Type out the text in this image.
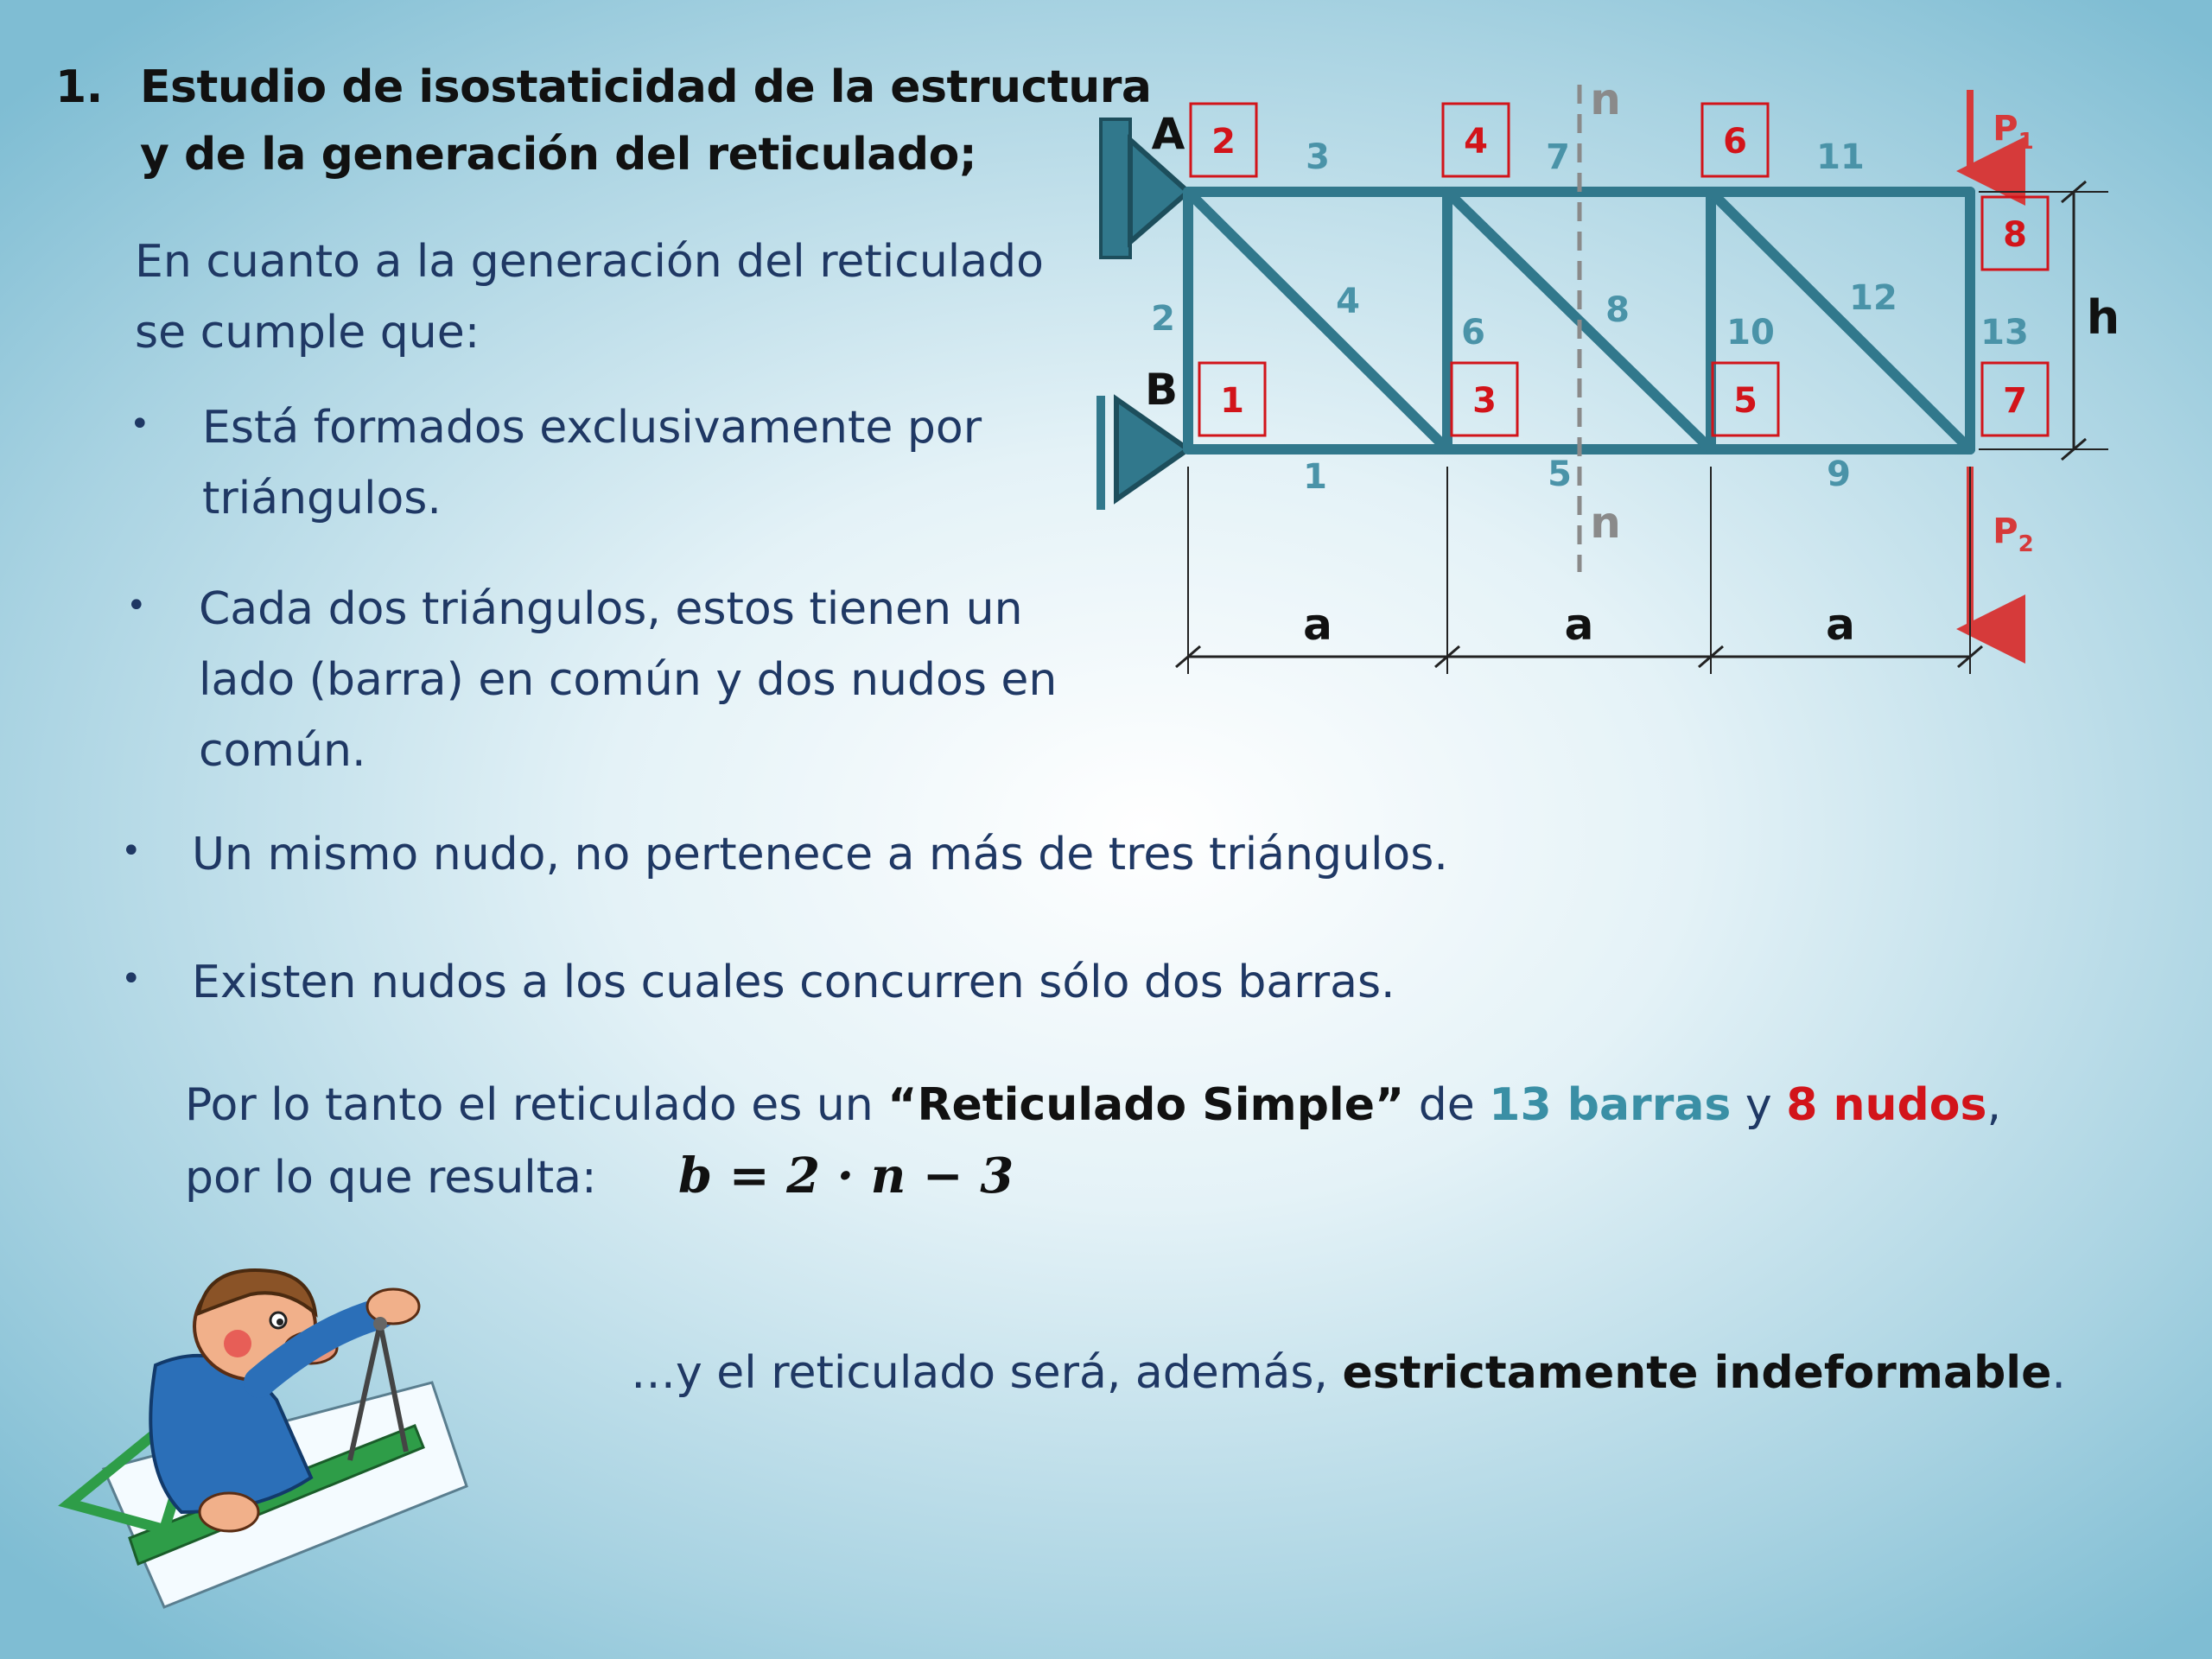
1. Estudio de isostaticidad de la estructura
y de la generación del reticulado;
En cuanto a la generación del reticulado
se cumple que:
• Está formados exclusivamente por
triángulos.
• Cada dos triángulos, estos tienen un
lado (barra) en común y dos nudos en
común.
• Un mismo nudo, no pertenece a más de tres triángulos.
• Existen nudos a los cuales concurren sólo dos barras.
Por lo tanto el reticulado es un “Reticulado Simple” de 13 barras y 8 nudos,
por lo que resulta: b = 2 · n − 3
…y el reticulado será, además, estrictamente indeformable.
n
n
$P_1$
$P_2$
a	a	a
h
A
B
2	4	6
8
1	3	5	7
1
2
3
4
5
6
7
8
9
10
11
12
13
